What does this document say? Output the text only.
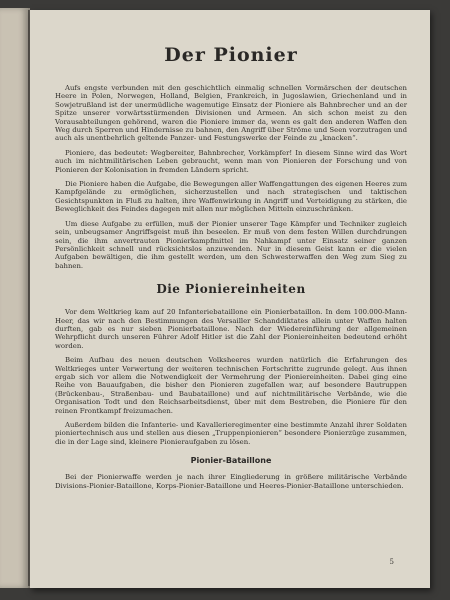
Der Pionier

Aufs engste verbunden mit den geschichtlich einmalig schnellen Vormärschen der deutschen Heere in Polen, Norwegen, Holland, Belgien, Frankreich, in Jugoslawien, Griechenland und in Sowjetrußland ist der unermüdliche wagemutige Einsatz der Pioniere als Bahnbrecher und an der Spitze unserer vorwärtsstürmenden Divisionen und Armeen. An sich schon meist zu den Vorausabteilungen gehörend, waren die Pioniere immer da, wenn es galt den anderen Waffen den Weg durch Sperren und Hindernisse zu bahnen, den Angriff über Ströme und Seen vorzutragen und auch als unentbehrlich geltende Panzer- und Festungswerke der Feinde zu „knacken“.

Pioniere, das bedeutet: Wegbereiter, Bahnbrecher, Vorkämpfer! In diesem Sinne wird das Wort auch im nichtmilitärischen Leben gebraucht, wenn man von Pionieren der Forschung und von Pionieren der Kolonisation in fremden Ländern spricht.

Die Pioniere haben die Aufgabe, die Bewegungen aller Waffengattungen des eigenen Heeres zum Kampfgelände zu ermöglichen, sicherzustellen und nach strategischen und taktischen Gesichtspunkten in Fluß zu halten, ihre Waffenwirkung in Angriff und Verteidigung zu stärken, die Beweglichkeit des Feindes dagegen mit allen nur möglichen Mitteln einzuschränken.

Um diese Aufgabe zu erfüllen, muß der Pionier unserer Tage Kämpfer und Techniker zugleich sein, unbeugsamer Angriffsgeist muß ihn beseelen. Er muß von dem festen Willen durchdrungen sein, die ihm anvertrauten Pionierkampfmittel im Nahkampf unter Einsatz seiner ganzen Persönlichkeit schnell und rücksichtslos anzuwenden. Nur in diesem Geist kann er die vielen Aufgaben bewältigen, die ihm gestellt werden, um den Schwesterwaffen den Weg zum Sieg zu bahnen.

Die Pioniereinheiten

Vor dem Weltkrieg kam auf 20 Infanteriebataillone ein Pionierbataillon. In dem 100.000-Mann-Heer, das wir nach den Bestimmungen des Versailler Schanddiktates allein unter Waffen halten durften, gab es nur sieben Pionierbataillone. Nach der Wiedereinführung der allgemeinen Wehrpflicht durch unseren Führer Adolf Hitler ist die Zahl der Pioniereinheiten bedeutend erhöht worden.

Beim Aufbau des neuen deutschen Volksheeres wurden natürlich die Erfahrungen des Weltkrieges unter Verwertung der weiteren technischen Fortschritte zugrunde gelegt. Aus ihnen ergab sich vor allem die Notwendigkeit der Vermehrung der Pioniereinheiten. Dabei ging eine Reihe von Bauaufgaben, die bisher den Pionieren zugefallen war, auf besondere Bautruppen (Brückenbau-, Straßenbau- und Baubataillone) und auf nichtmilitärische Verbände, wie die Organisation Todt und den Reichsarbeitsdienst, über mit dem Bestreben, die Pioniere für den reinen Frontkampf freizumachen.

Außerdem bilden die Infanterie- und Kavallerieregimenter eine bestimmte Anzahl ihrer Soldaten pioniertechnisch aus und stellen aus diesen „Truppenpionieren“ besondere Pionierzüge zusammen, die in der Lage sind, kleinere Pionieraufgaben zu lösen.

Pionier-Bataillone

Bei der Pionierwaffe werden je nach ihrer Eingliederung in größere militärische Verbände Divisions-Pionier-Bataillone, Korps-Pionier-Bataillone und Heeres-Pionier-Bataillone unterschieden.

5
